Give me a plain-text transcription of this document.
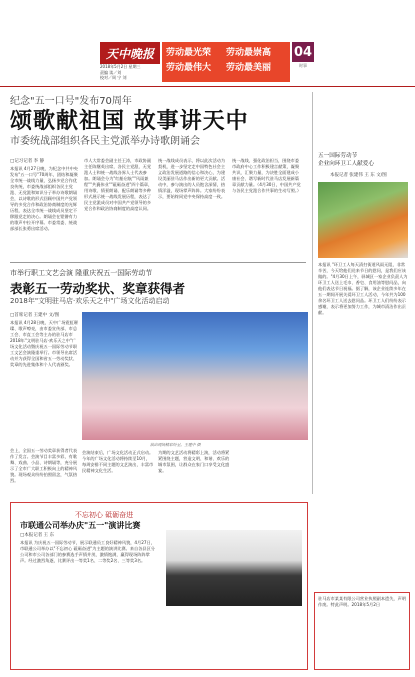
天中晚报
2018年5月2日 星期三
责编 读／刘
校对／周 宁 刘
劳动最光荣 劳动最崇高
劳动最伟大 劳动最美丽
04
时事
纪念"五一口号"发布70周年
颂歌献祖国 故事讲天中
市委统战部组织各民主党派举办诗歌朗诵会
□记习记者 李 静
本报讯 4月27日晚，为纪念中共中央发布"五一口号"70周年，团结和凝聚全市统一战线力量，弘扬多党合作优良传统，市委统战部组织各民主党派、无党派和知识分子举办诗歌朗诵会，以诗歌的形式回顾中国共产党领导的多党合作和政治协商制度的光辉历程，表达全市统一战线成员坚定不移跟党走的决心。朗诵会在铿锵有力的歌声中拉开序幕。市委常委、统战部部长张勇出席活动。
市人大常委会副主任王涛，市政协副主任陈继英出席，各民主党派、无党派人士和统一战线各界人士代表参加。朗诵会分为"红船启航""风雨兼程""共襄伟业""砥砺奋进"四个篇章，用诗歌、情景朗诵、配乐朗诵等多种形式展示统一战线发展历程，表达了民主党派成员对中国共产党领导的多党合作和政治协商制度的高度认同。
统一战线成员表示，将以此次活动为契机，进一步坚定走中国特色社会主义政治发展道路的信心和决心，为建设美丽驻马店作出新的更大贡献。活动中，参与演出的人员饱含深情，热情洋溢，现场掌声阵阵。大家纷纷表示，要始终同党中央保持高度一致。
统一战线、强化政治担当，围绕市委市政府中心工作积极建言献策，凝聚共识，汇聚力量，为决胜全面建成小康社会、谱写新时代驻马店发展新篇章贡献力量。（4月30日，中国共产党与各民主党派合作共事的生动写照。）
五一国际劳动节
企业向环卫工人献爱心
本报记者 张建伟 王 东 文/图
本报讯 "环卫工人每天清扫街道风雨无阻，非常辛苦，今天给他们送来节日的慰问，是我们应该做的。"4月30日上午，驿城区一家企业负责人为环卫工人送上毛巾、香皂、食用油等慰问品，向他们表达节日祝福。据了解，该企业连续多年在五一期间开展关爱环卫工人活动，今年共为100余名环卫工人送去慰问品。环卫工人们纷纷表示感谢，表示将更加努力工作，为城市清洁作出贡献。
市举行职工文艺会演 隆重庆祝五一国际劳动节
表彰五一劳动奖状、奖章获得者
2018年"文明驻马店·欢乐天之中"广场文化活动启动
□首席记者 王建中 文/图
本报讯 4月28日晚，天中广场霓虹璀璨、歌声嘹亮，由市委宣传部、市总工会、市直工会等主办的驻马店市2018年"文明驻马店·欢乐天之中"广场文化活动暨庆祝五一国际劳动节职工文艺会演隆重举行。市领导出席活动并为获得全国和省五一劳动奖状、奖章的先进集体和个人代表颁奖。
演出现场精彩纷呈。王建中 摄
会上，全国五一劳动奖章获得者代表作了发言。会演节目丰富多彩，有歌舞、戏曲、小品、诗朗诵等，充分展示了全市广大职工积极向上的精神风貌。现场观众纷纷拍照留念，气氛热烈。
会演结束后，广场文化活动正式启动。今年的广场文化活动将持续至10月，每周安排不同主题的文艺演出，丰富市民精神文化生活。
为期的文艺活动将精彩上演，活动将紧紧围绕主题，营造文明、和谐、欢乐的城市氛围，让群众在家门口享受文化盛宴。
不忘初心 砥砺奋进
市联通公司举办庆"五一"演讲比赛
□本报记者 王 东
本报讯 为庆祝五一国际劳动节，展示联通员工良好精神风貌，4月27日，市联通公司举办以"不忘初心 砥砺奋进"为主题的演讲比赛。来自各县区分公司和市公司各部门的参赛选手声情并茂、激情饱满，赢得现场阵阵掌声。经过激烈角逐，比赛评出一等奖1名、二等奖2名、三等奖3名。
驻马店市某某有限公司营业执照副本遗失，声明作废。特此声明。2018年5月2日
